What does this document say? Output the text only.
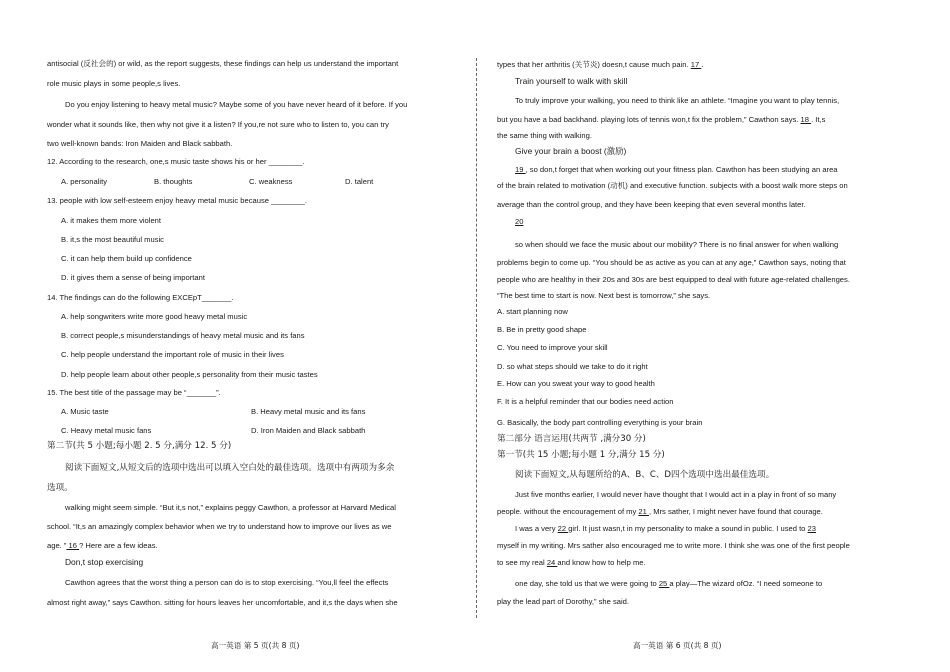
antisocial (反社会的) or wild, as the report suggests, these findings can help us understand the important
role music plays in some people,s lives.
Do you enjoy listening to heavy metal music? Maybe some of you have never heard of it before. If you
wonder what it sounds like, then why not give it a listen? If you,re not sure who to listen to, you can try
two well-known bands: Iron Maiden and Black sabbath.
12. According to the research, one,s music taste shows his or her ________.
A. personality	B. thoughts	C. weakness	D. talent
13. people with low self-esteem enjoy heavy metal music because ________.
A. it makes them more violent
B. it,s the most beautiful music
C. it can help them build up confidence
D. it gives them a sense of being important
14. The findings can do the following EXCEpT_______.
A. help songwriters write more good heavy metal music
B. correct people,s misunderstandings of heavy metal music and its fans
C. help people understand the important role of music in their lives
D. help people learn about other people,s personality from their music tastes
15. The best title of the passage may be “_______”.
A. Music taste	B. Heavy metal music and its fans
C. Heavy metal music fans	D. Iron Maiden and Black sabbath
第二节(共 5 小题;每小题 2. 5 分,满分 12. 5 分)
阅读下面短文,从短文后的选项中选出可以填入空白处的最佳选项。选项中有两项为多余
选项。
walking might seem simple. “But it,s not,” explains peggy Cawthon, a professor at Harvard Medical
school. “It,s an amazingly complex behavior when we try to understand how to improve our lives as we
age. ” 16 ? Here are a few ideas.
Don,t stop exercising
Cawthon agrees that the worst thing a person can do is to stop exercising. “You,ll feel the effects
almost right away,” says Cawthon. sitting for hours leaves her uncomfortable, and it,s the days when she
高一英语 第 5 页(共 8 页)
types that her arthritis (关节炎) doesn,t cause much pain. 17 .
Train yourself to walk with skill
To truly improve your walking, you need to think like an athlete. “Imagine you want to play tennis,
but you have a bad backhand. playing lots of tennis won,t fix the problem,” Cawthon says. 18 . It,s
the same thing with walking.
Give your brain a boost (激励)
19 , so don,t forget that when working out your fitness plan. Cawthon has been studying an area
of the brain related to motivation (动机) and executive function. subjects with a boost walk more steps on
average than the control group, and they have been keeping that even several months later.
20
so when should we face the music about our mobility? There is no final answer for when walking
problems begin to come up. “You should be as active as you can at any age,” Cawthon says, noting that
people who are healthy in their 20s and 30s are best equipped to deal with future age-related challenges.
“The best time to start is now. Next best is tomorrow,” she says.
A. start planning now
B. Be in pretty good shape
C. You need to improve your skill
D. so what steps should we take to do it right
E. How can you sweat your way to good health
F. It is a helpful reminder that our bodies need action
G. Basically, the body part controlling everything is your brain
第二部分 语言运用(共两节 ,满分30 分)
第一节(共 15 小题;每小题 1 分,满分 15 分)
阅读下面短文,从每题所给的A、B、C、D四个选项中选出最佳选项。
Just five months earlier, I would never have thought that I would act in a play in front of so many
people. without the encouragement of my 21 , Mrs sather, I might never have found that courage.
I was a very 22 girl. It just wasn,t in my personality to make a sound in public. I used to 23
myself in my writing. Mrs sather also encouraged me to write more. I think she was one of the first people
to see my real 24 and know how to help me.
one day, she told us that we were going to 25 a play—The wizard ofOz. “I need someone to
play the lead part of Dorothy,” she said.
高一英语 第 6 页(共 8 页)
